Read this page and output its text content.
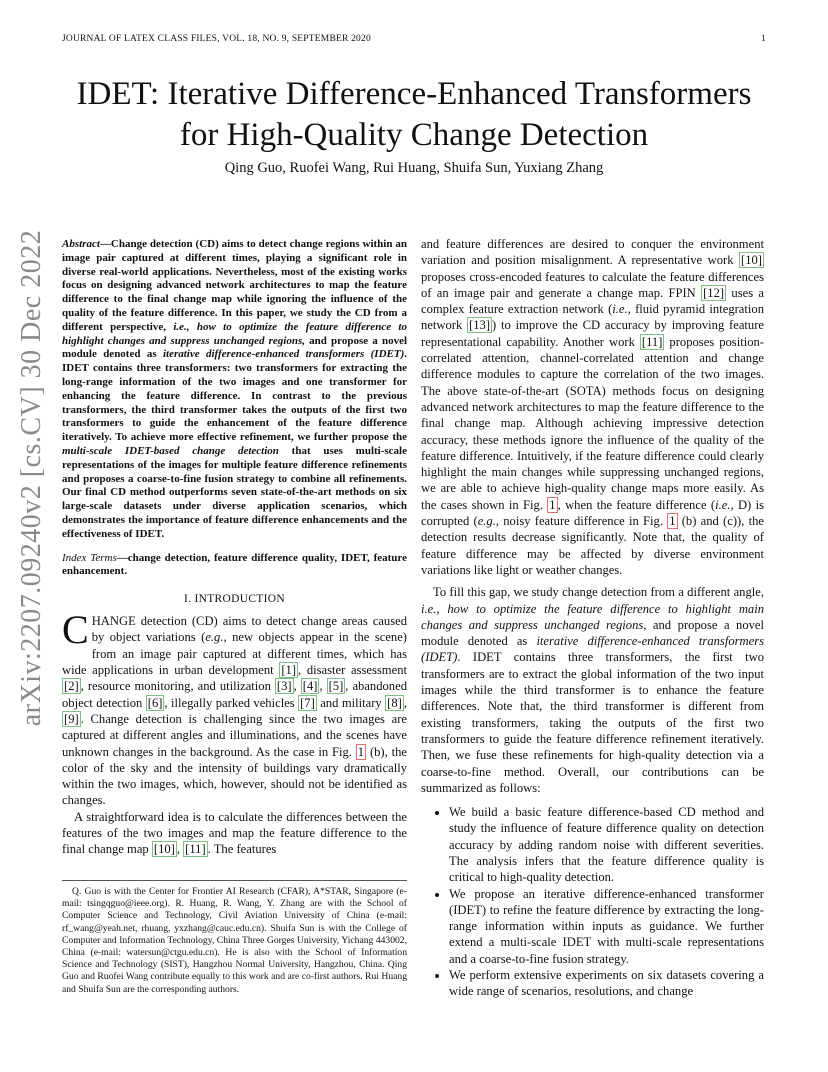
JOURNAL OF LATEX CLASS FILES, VOL. 18, NO. 9, SEPTEMBER 2020	1
arXiv:2207.09240v2 [cs.CV] 30 Dec 2022
IDET: Iterative Difference-Enhanced Transformers
for High-Quality Change Detection
Qing Guo, Ruofei Wang, Rui Huang, Shuifa Sun, Yuxiang Zhang

Abstract—Change detection (CD) aims to detect change regions within an image pair captured at different times, playing a significant role in diverse real-world applications. Nevertheless, most of the existing works focus on designing advanced network architectures to map the feature difference to the final change map while ignoring the influence of the quality of the feature difference. In this paper, we study the CD from a different perspective, i.e., how to optimize the feature difference to highlight changes and suppress unchanged regions, and propose a novel module denoted as iterative difference-enhanced transformers (IDET). IDET contains three transformers: two transformers for extracting the long-range information of the two images and one transformer for enhancing the feature difference. In contrast to the previous transformers, the third transformer takes the outputs of the first two transformers to guide the enhancement of the feature difference iteratively. To achieve more effective refinement, we further propose the multi-scale IDET-based change detection that uses multi-scale representations of the images for multiple feature difference refinements and proposes a coarse-to-fine fusion strategy to combine all refinements. Our final CD method outperforms seven state-of-the-art methods on six large-scale datasets under diverse application scenarios, which demonstrates the importance of feature difference enhancements and the effectiveness of IDET.

Index Terms—change detection, feature difference quality, IDET, feature enhancement.

I. INTRODUCTION

CHANGE detection (CD) aims to detect change areas caused by object variations (e.g., new objects appear in the scene) from an image pair captured at different times, which has wide applications in urban development [1] , disaster assessment [2] , resource monitoring, and utilization [3] , [4] , [5] , abandoned object detection [6] , illegally parked vehicles [7] and military [8] , [9] . Change detection is challenging since the two images are captured at different angles and illuminations, and the scenes have unknown changes in the background. As the case in Fig. 1 (b), the color of the sky and the intensity of buildings vary dramatically within the two images, which, however, should not be identified as changes.

A straightforward idea is to calculate the differences between the features of the two images and map the feature difference to the final change map [10] , [11] . The features

Q. Guo is with the Center for Frontier AI Research (CFAR), A*STAR, Singapore (e-mail: tsingqguo@ieee.org). R. Huang, R. Wang, Y. Zhang are with the School of Computer Science and Technology, Civil Aviation University of China (e-mail: rf_wang@yeah.net, rhuang, yxzhang@cauc.edu.cn). Shuifa Sun is with the College of Computer and Information Technology, China Three Gorges University, Yichang 443002, China (e-mail: watersun@ctgu.edu.cn). He is also with the School of Information Science and Technology (SIST), Hangzhou Normal University, Hangzhou, China. Qing Guo and Ruofei Wang contribute equally to this work and are co-first authors. Rui Huang and Shuifa Sun are the corresponding authors.

and feature differences are desired to conquer the environment variation and position misalignment. A representative work [10] proposes cross-encoded features to calculate the feature differences of an image pair and generate a change map. FPIN [12] uses a complex feature extraction network (i.e., fluid pyramid integration network [13] ) to improve the CD accuracy by improving feature representational capability. Another work [11] proposes position-correlated attention, channel-correlated attention and change difference modules to capture the correlation of the two images. The above state-of-the-art (SOTA) methods focus on designing advanced network architectures to map the feature difference to the final change map. Although achieving impressive detection accuracy, these methods ignore the influence of the quality of the feature difference. Intuitively, if the feature difference could clearly highlight the main changes while suppressing unchanged regions, we are able to achieve high-quality change maps more easily. As the cases shown in Fig. 1 , when the feature difference (i.e., D) is corrupted (e.g., noisy feature difference in Fig. 1 (b) and (c)), the detection results decrease significantly. Note that, the quality of feature difference may be affected by diverse environment variations like light or weather changes.

To fill this gap, we study change detection from a different angle, i.e., how to optimize the feature difference to highlight main changes and suppress unchanged regions, and propose a novel module denoted as iterative difference-enhanced transformers (IDET). IDET contains three transformers, the first two transformers are to extract the global information of the two input images while the third transformer is to enhance the feature differences. Note that, the third transformer is different from existing transformers, taking the outputs of the first two transformers to guide the feature difference refinement iteratively. Then, we fuse these refinements for high-quality detection via a coarse-to-fine method. Overall, our contributions can be summarized as follows:

• We build a basic feature difference-based CD method and study the influence of feature difference quality on detection accuracy by adding random noise with different severities. The analysis infers that the feature difference quality is critical to high-quality detection.
• We propose an iterative difference-enhanced transformer (IDET) to refine the feature difference by extracting the long-range information within inputs as guidance. We further extend a multi-scale IDET with multi-scale representations and a coarse-to-fine fusion strategy.
• We perform extensive experiments on six datasets covering a wide range of scenarios, resolutions, and change
